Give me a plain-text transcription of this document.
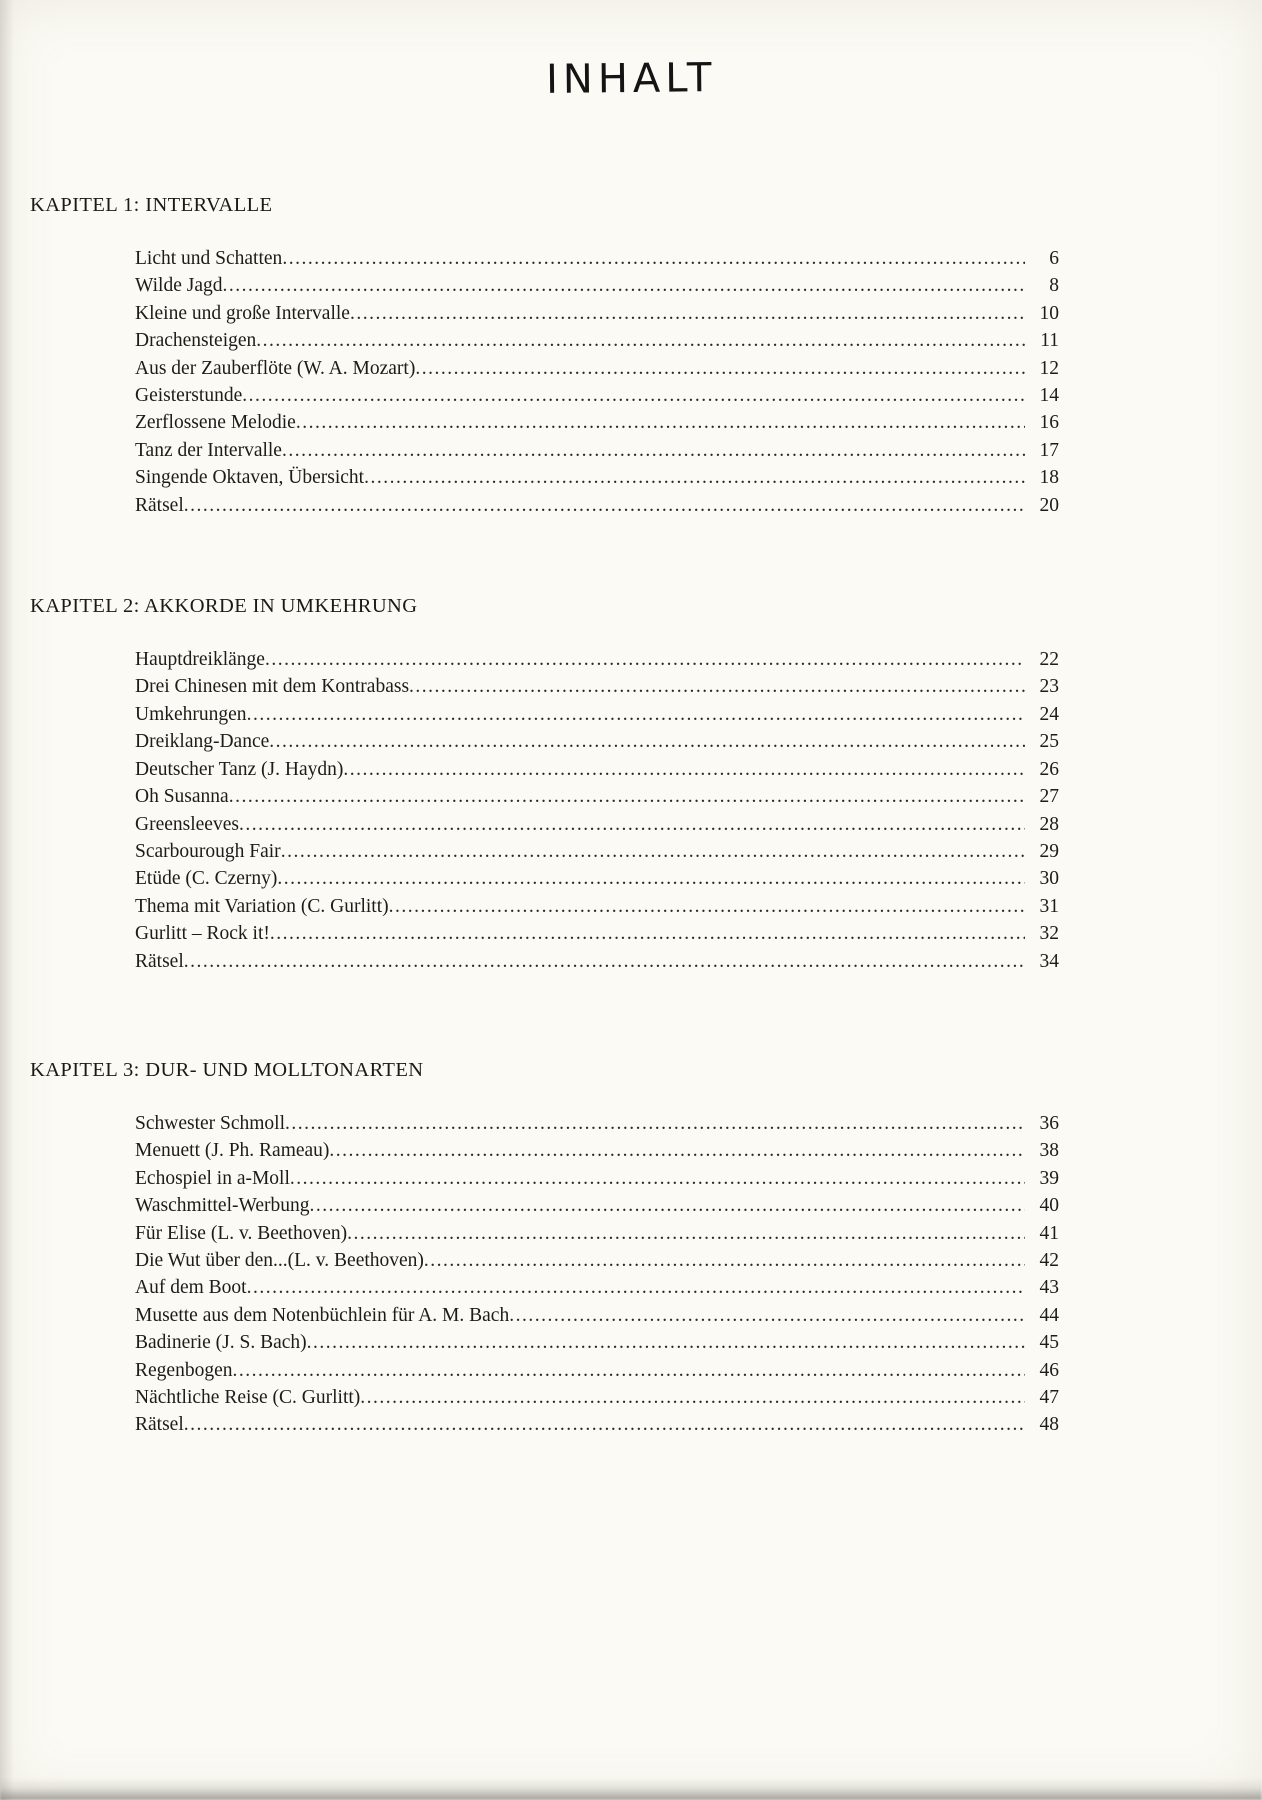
INHALT
KAPITEL 1: INTERVALLE
Licht und Schatten .....	6
Wilde Jagd .....	8
Kleine und große Intervalle .....	10
Drachensteigen .....	11
Aus der Zauberflöte (W. A. Mozart) .....	12
Geisterstunde .....	14
Zerflossene Melodie .....	16
Tanz der Intervalle .....	17
Singende Oktaven, Übersicht .....	18
Rätsel .....	20
KAPITEL 2: AKKORDE IN UMKEHRUNG
Hauptdreiklänge .....	22
Drei Chinesen mit dem Kontrabass .....	23
Umkehrungen .....	24
Dreiklang-Dance .....	25
Deutscher Tanz (J. Haydn) .....	26
Oh Susanna .....	27
Greensleeves .....	28
Scarbourough Fair .....	29
Etüde (C. Czerny) .....	30
Thema mit Variation (C. Gurlitt) .....	31
Gurlitt – Rock it! .....	32
Rätsel .....	34
KAPITEL 3: DUR- UND MOLLTONARTEN
Schwester Schmoll .....	36
Menuett (J. Ph. Rameau) .....	38
Echospiel in a-Moll .....	39
Waschmittel-Werbung .....	40
Für Elise (L. v. Beethoven) .....	41
Die Wut über den...(L. v. Beethoven) .....	42
Auf dem Boot .....	43
Musette aus dem Notenbüchlein für A. M. Bach .....	44
Badinerie (J. S. Bach) .....	45
Regenbogen .....	46
Nächtliche Reise (C. Gurlitt) .....	47
Rätsel .....	48
